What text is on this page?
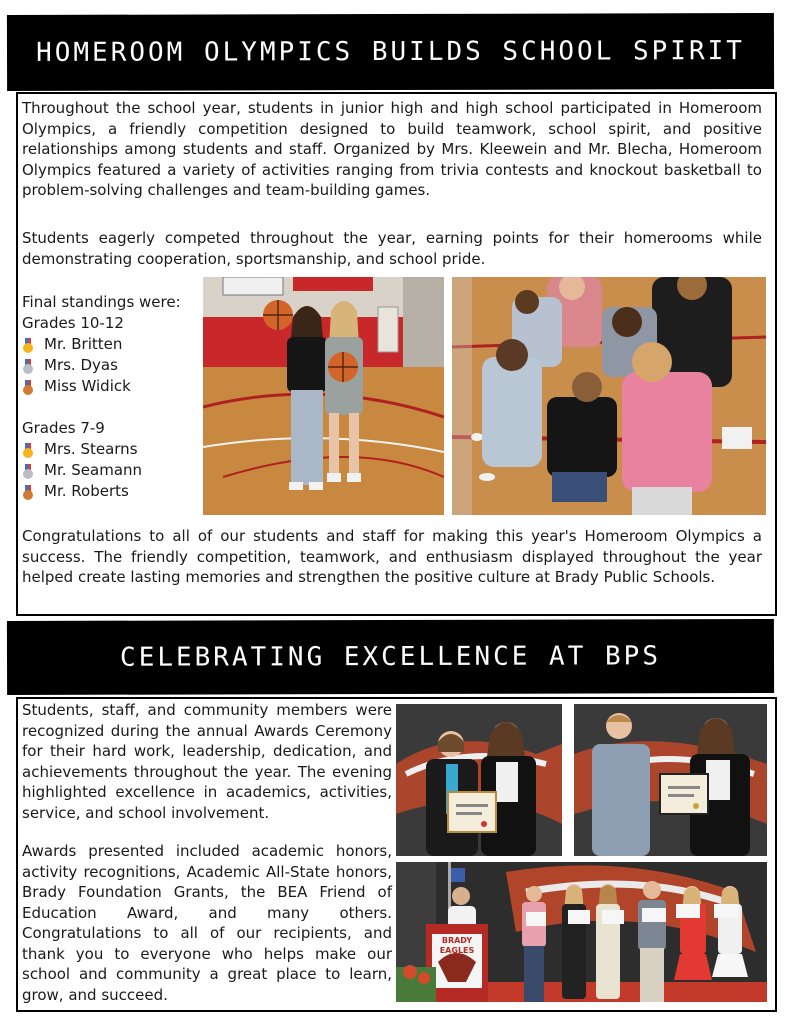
HOMEROOM OLYMPICS BUILDS SCHOOL SPIRIT

Throughout the school year, students in junior high and high school participated in Homeroom Olympics, a friendly competition designed to build teamwork, school spirit, and positive relationships among students and staff. Organized by Mrs. Kleewein and Mr. Blecha, Homeroom Olympics featured a variety of activities ranging from trivia contests and knockout basketball to problem-solving challenges and team-building games.

Students eagerly competed throughout the year, earning points for their homerooms while demonstrating cooperation, sportsmanship, and school pride.

Final standings were:
Grades 10-12
Mr. Britten
Mrs. Dyas
Miss Widick
Grades 7-9
Mrs. Stearns
Mr. Seamann
Mr. Roberts

Congratulations to all of our students and staff for making this year's Homeroom Olympics a success. The friendly competition, teamwork, and enthusiasm displayed throughout the year helped create lasting memories and strengthen the positive culture at Brady Public Schools.

CELEBRATING EXCELLENCE AT BPS

Students, staff, and community members were recognized during the annual Awards Ceremony for their hard work, leadership, dedication, and achievements throughout the year. The evening highlighted excellence in academics, activities, service, and school involvement.

Awards presented included academic honors, activity recognitions, Academic All-State honors, Brady Foundation Grants, the BEA Friend of Education Award, and many others. Congratulations to all of our recipients, and thank you to everyone who helps make our school and community a great place to learn, grow, and succeed.

BRADY EAGLES
